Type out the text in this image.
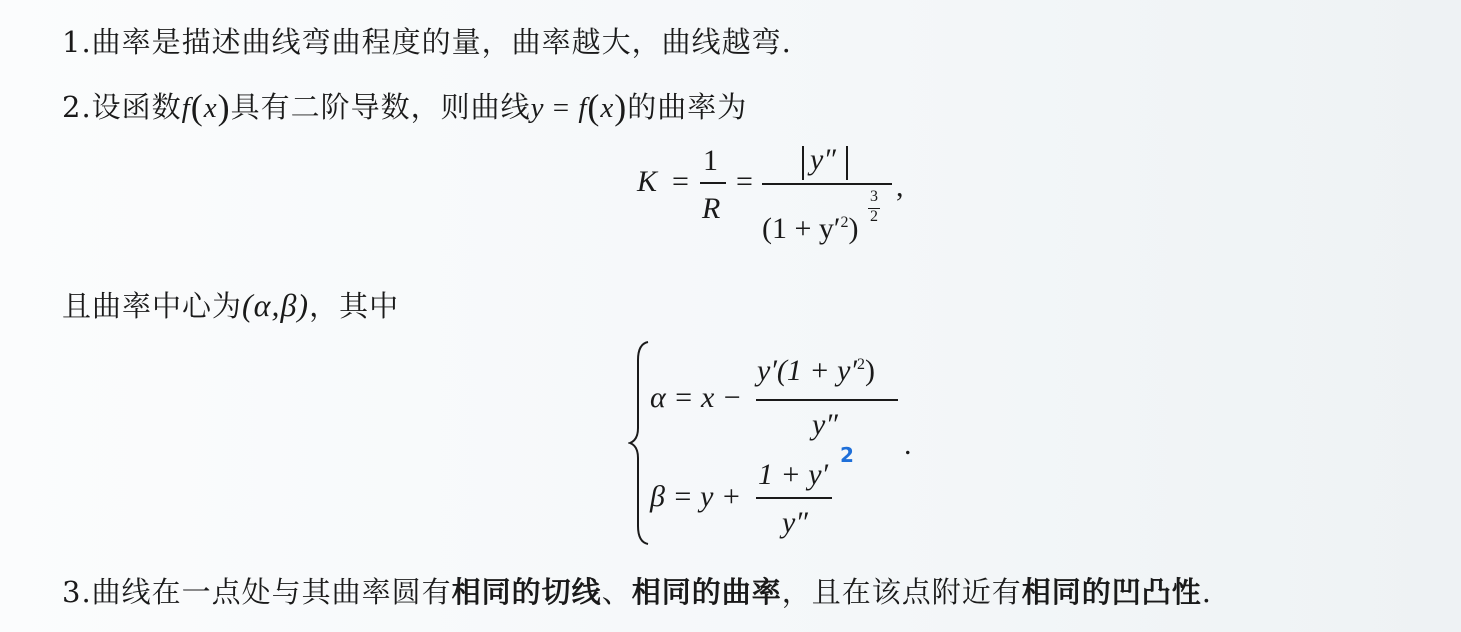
1.曲率是描述曲线弯曲程度的量，曲率越大，曲线越弯.
2.设函数f(x)具有二阶导数，则曲线y = f(x)的曲率为
K =
1
R
=
y″
$(1 + y'^2)$
3
2
,
且曲率中心为(α,β)，其中
α = x −
$y'(1 + y'^2)$
y″
2 .
β = y +
1 + y′
y″
3.曲线在一点处与其曲率圆有相同的切线、相同的曲率，且在该点附近有相同的凹凸性.
